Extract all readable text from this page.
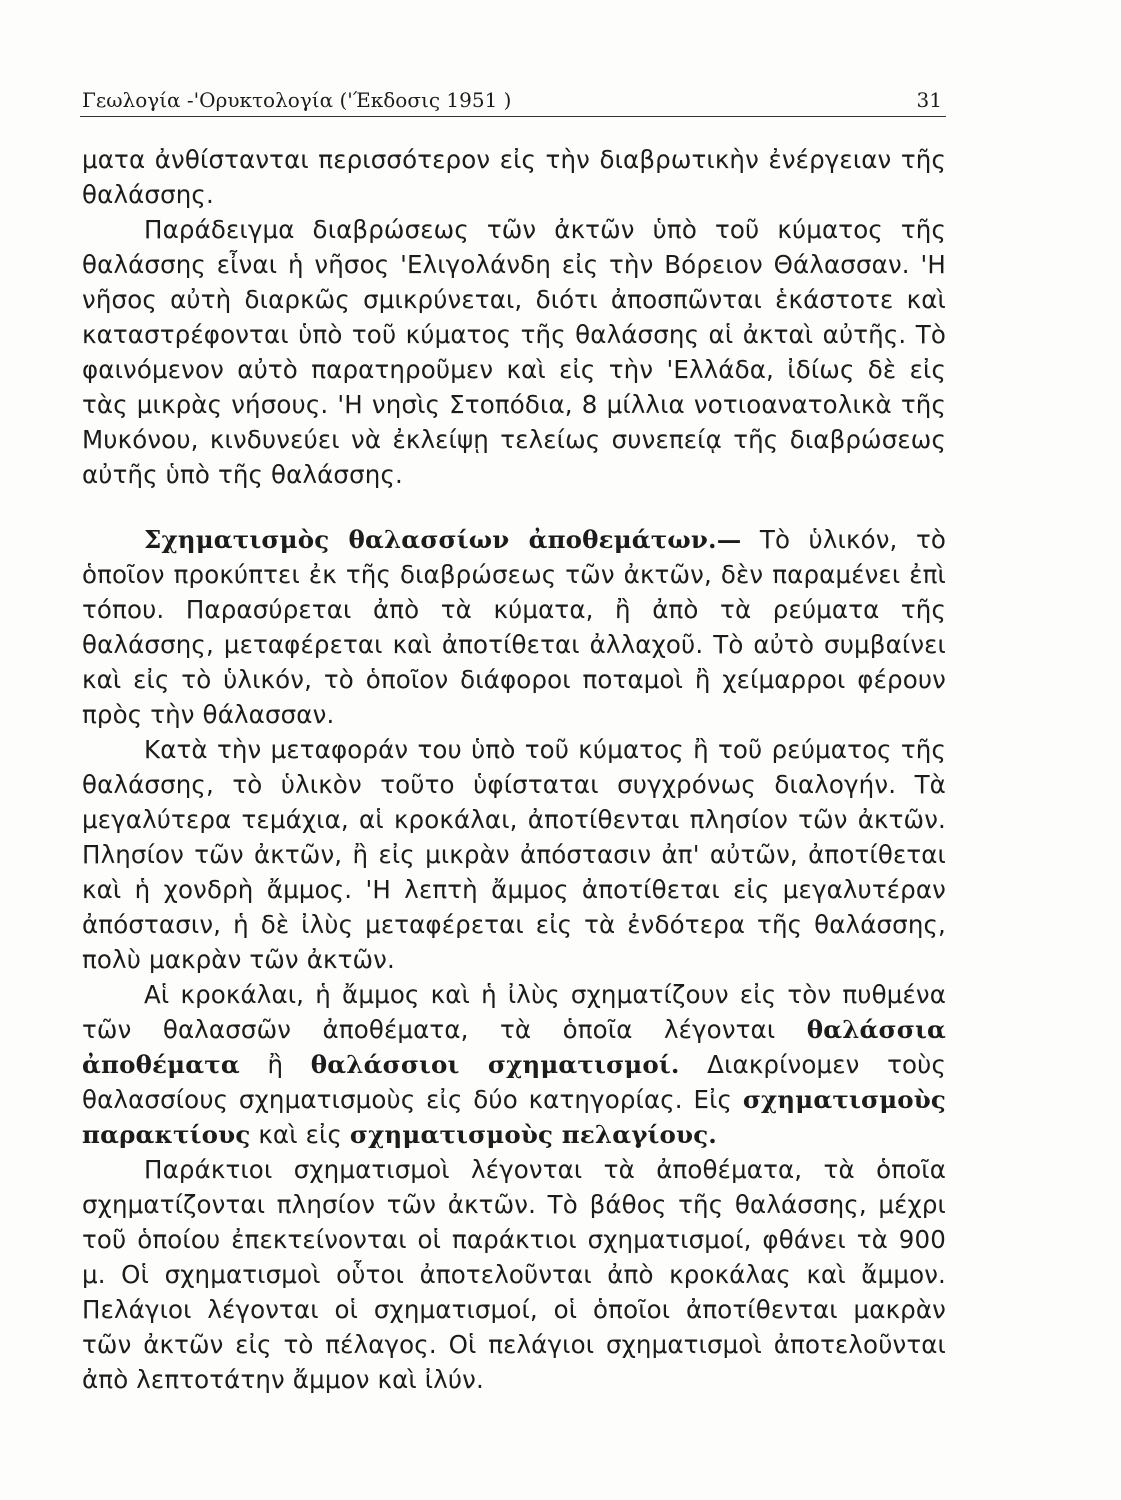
Γεωλογία -'Ορυκτολογία ('Έκδοσις 1951 )	31

ματα ἀνθίστανται περισσότερον εἰς τὴν διαβρωτικὴν ἐνέργειαν τῆς θαλάσσης.

Παράδειγμα διαβρώσεως τῶν ἀκτῶν ὑπὸ τοῦ κύματος τῆς θαλάσσης εἶναι ἡ νῆσος 'Ελιγολάνδη εἰς τὴν Βόρειον Θάλασσαν. 'Η νῆσος αὐτὴ διαρκῶς σμικρύνεται, διότι ἀποσπῶνται ἑκάστοτε καὶ καταστρέφονται ὑπὸ τοῦ κύματος τῆς θαλάσσης αἱ ἀκταὶ αὐτῆς. Τὸ φαινόμενον αὐτὸ παρατηροῦμεν καὶ εἰς τὴν 'Ελλάδα, ἰδίως δὲ εἰς τὰς μικρὰς νήσους. 'Η νησὶς Στοπόδια, 8 μίλλια νοτιοανατολικὰ τῆς Μυκόνου, κινδυνεύει νὰ ἐκλείψῃ τελείως συνεπείᾳ τῆς διαβρώσεως αὐτῆς ὑπὸ τῆς θαλάσσης.

Σχηματισμὸς θαλασσίων ἀποθεμάτων.— Τὸ ὑλικόν, τὸ ὁποῖον προκύπτει ἐκ τῆς διαβρώσεως τῶν ἀκτῶν, δὲν παραμένει ἐπὶ τόπου. Παρασύρεται ἀπὸ τὰ κύματα, ἢ ἀπὸ τὰ ρεύματα τῆς θαλάσσης, μεταφέρεται καὶ ἀποτίθεται ἀλλαχοῦ. Τὸ αὐτὸ συμβαίνει καὶ εἰς τὸ ὑλικόν, τὸ ὁποῖον διάφοροι ποταμοὶ ἢ χείμαρροι φέρουν πρὸς τὴν θάλασσαν.

Κατὰ τὴν μεταφοράν του ὑπὸ τοῦ κύματος ἢ τοῦ ρεύματος τῆς θαλάσσης, τὸ ὑλικὸν τοῦτο ὑφίσταται συγχρόνως διαλογήν. Τὰ μεγαλύτερα τεμάχια, αἱ κροκάλαι, ἀποτίθενται πλησίον τῶν ἀκτῶν. Πλησίον τῶν ἀκτῶν, ἢ εἰς μικρὰν ἀπόστασιν ἀπ' αὐτῶν, ἀποτίθεται καὶ ἡ χονδρὴ ἄμμος. 'Η λεπτὴ ἄμμος ἀποτίθεται εἰς μεγαλυτέραν ἀπόστασιν, ἡ δὲ ἰλὺς μεταφέρεται εἰς τὰ ἐνδότερα τῆς θαλάσσης, πολὺ μακρὰν τῶν ἀκτῶν.

Αἱ κροκάλαι, ἡ ἄμμος καὶ ἡ ἰλὺς σχηματίζουν εἰς τὸν πυθμένα τῶν θαλασσῶν ἀποθέματα, τὰ ὁποῖα λέγονται θαλάσσια ἀποθέματα ἢ θαλάσσιοι σχηματισμοί. Διακρίνομεν τοὺς θαλασσίους σχηματισμοὺς εἰς δύο κατηγορίας. Εἰς σχηματισμοὺς παρακτίους καὶ εἰς σχηματισμοὺς πελαγίους.

Παράκτιοι σχηματισμοὶ λέγονται τὰ ἀποθέματα, τὰ ὁποῖα σχηματίζονται πλησίον τῶν ἀκτῶν. Τὸ βάθος τῆς θαλάσσης, μέχρι τοῦ ὁποίου ἐπεκτείνονται οἱ παράκτιοι σχηματισμοί, φθάνει τὰ 900 μ. Οἱ σχηματισμοὶ οὗτοι ἀποτελοῦνται ἀπὸ κροκάλας καὶ ἄμμον. Πελάγιοι λέγονται οἱ σχηματισμοί, οἱ ὁποῖοι ἀποτίθενται μακρὰν τῶν ἀκτῶν εἰς τὸ πέλαγος. Οἱ πελάγιοι σχηματισμοὶ ἀποτελοῦνται ἀπὸ λεπτοτάτην ἄμμον καὶ ἰλύν.
